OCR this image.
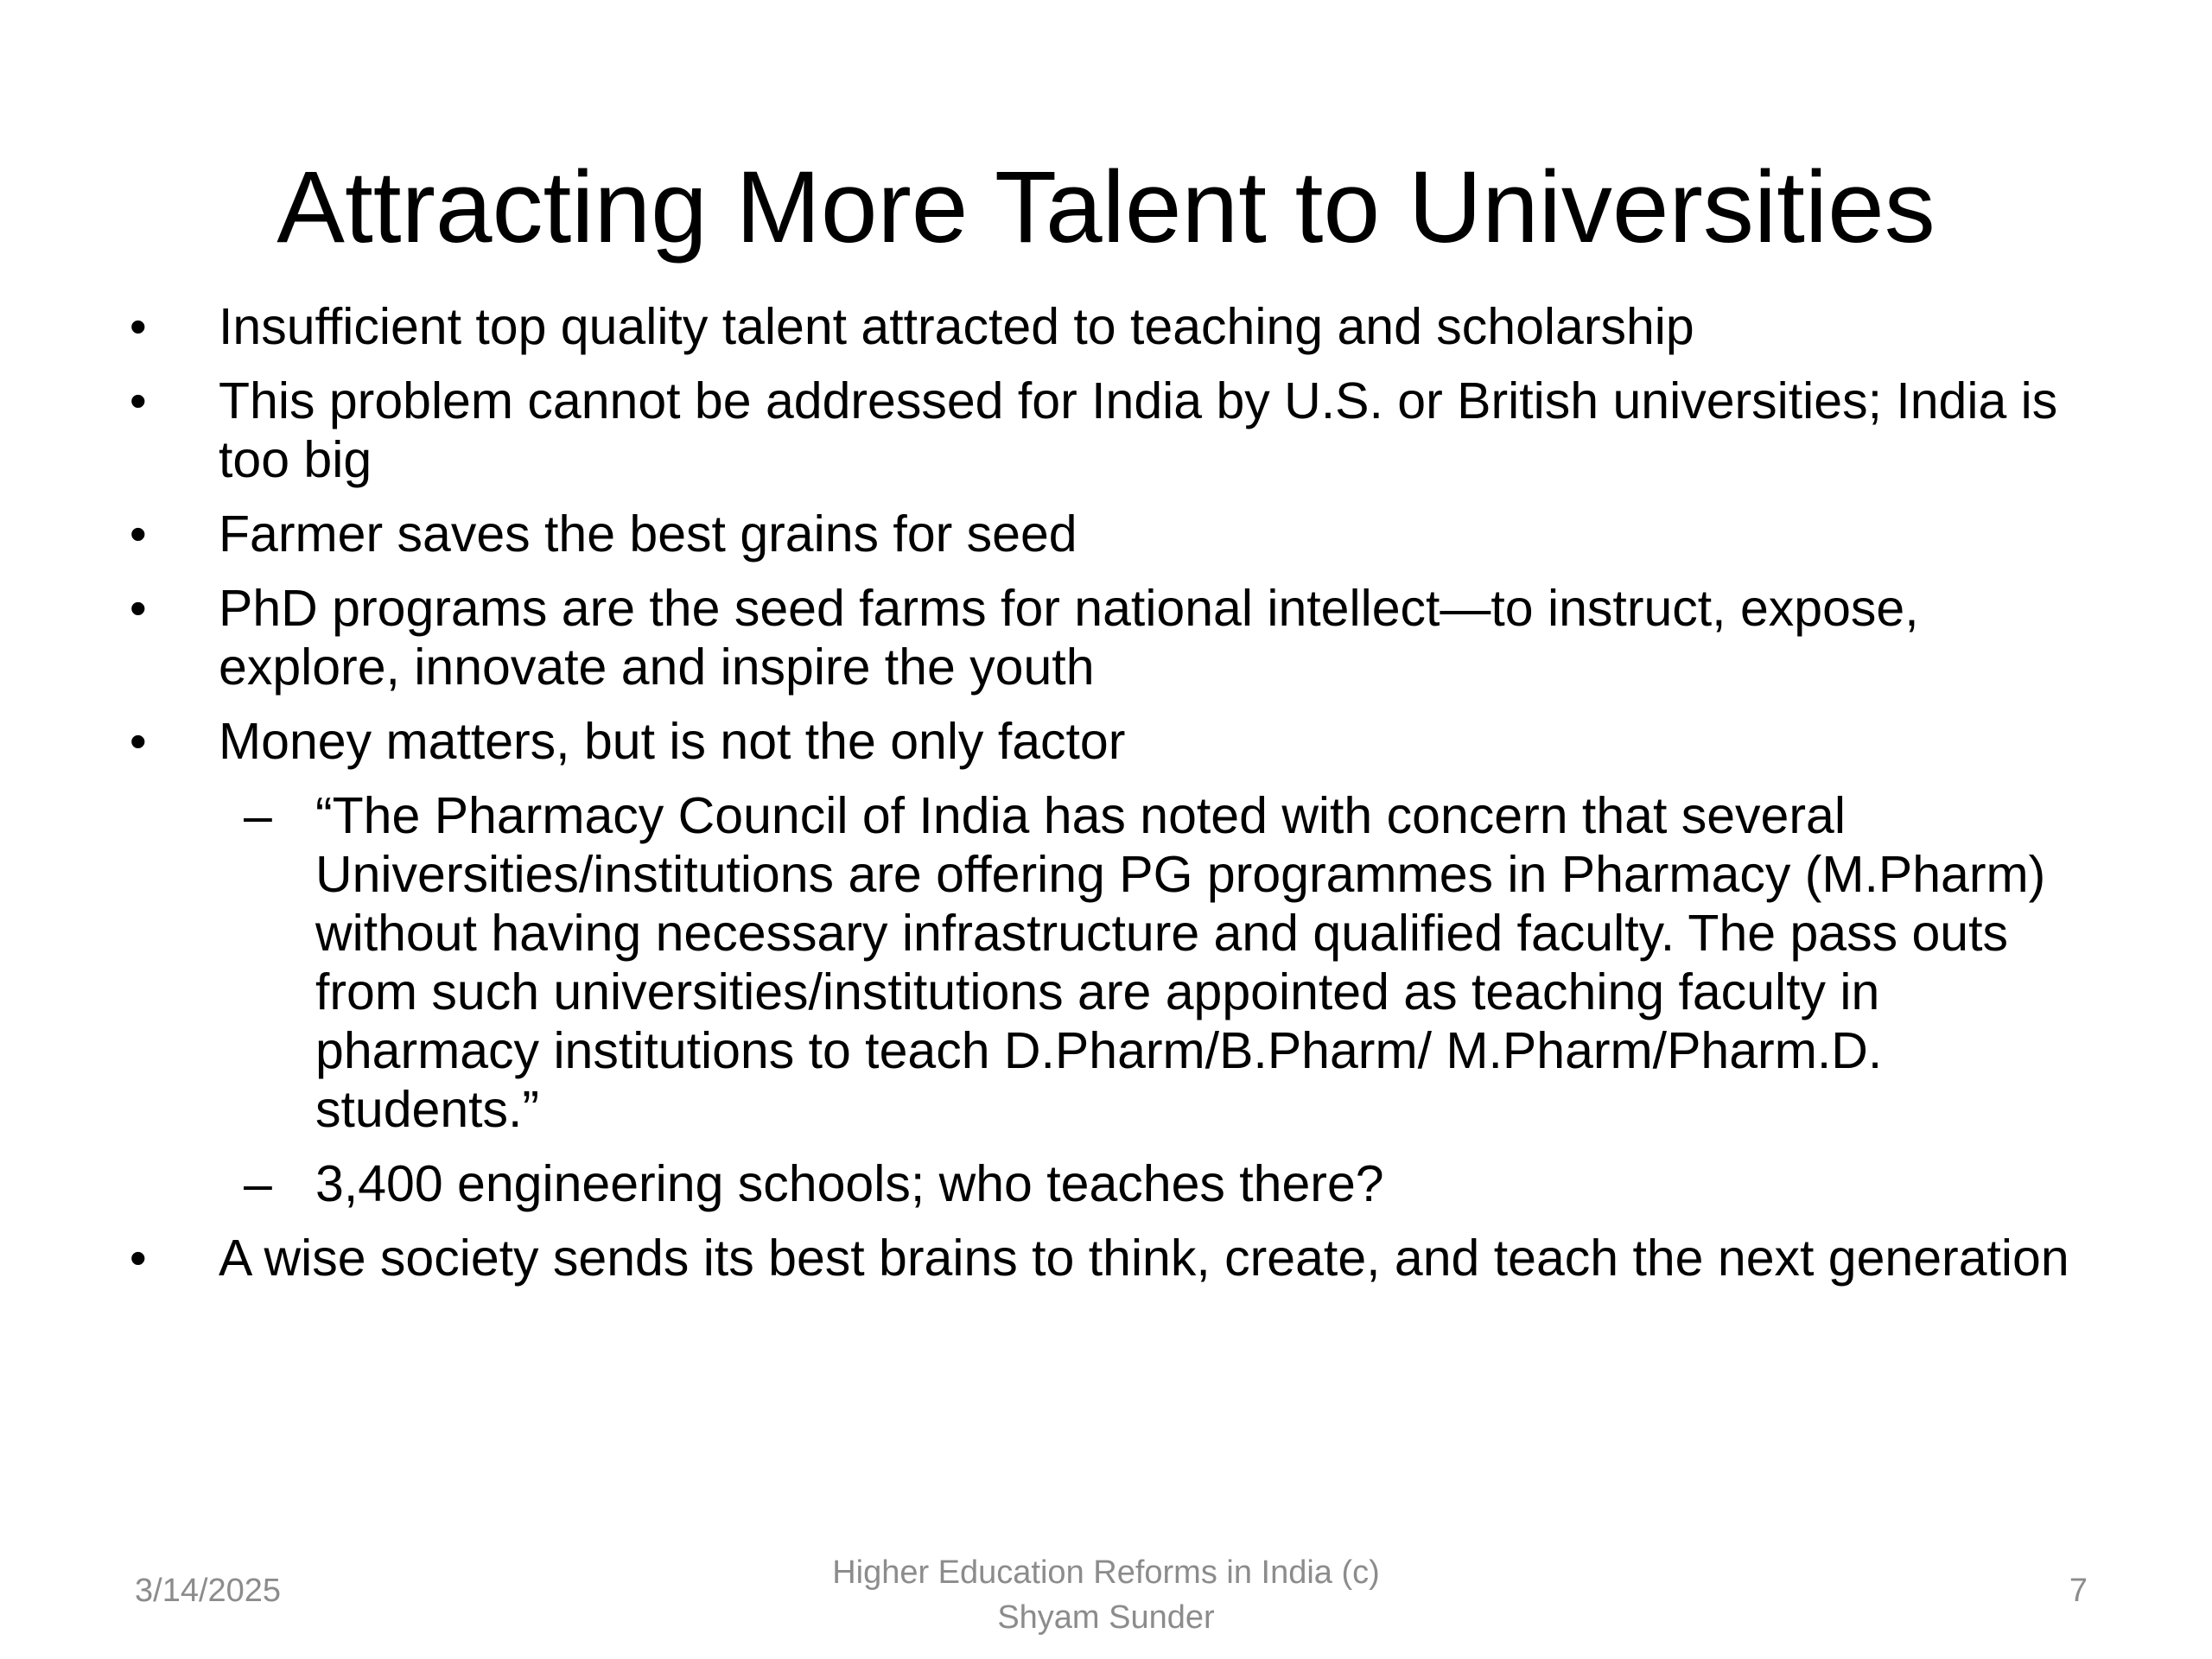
Attracting More Talent to Universities
•	Insufficient top quality talent attracted to teaching and scholarship
•	This problem cannot be addressed for India by U.S. or British universities; India is too big
•	Farmer saves the best grains for seed
•	PhD programs are the seed farms for national intellect—to instruct, expose, explore, innovate and inspire the youth
•	Money matters, but is not the only factor
– “The Pharmacy Council of India has noted with concern that several Universities/institutions are offering PG programmes in Pharmacy (M.Pharm) without having necessary infrastructure and qualified faculty. The pass outs from such universities/institutions are appointed as teaching faculty in pharmacy institutions to teach D.Pharm/B.Pharm/ M.Pharm/Pharm.D. students.”
– 3,400 engineering schools; who teaches there?
•	A wise society sends its best brains to think, create, and teach the next generation
3/14/2025	Higher Education Reforms in India (c)
Shyam Sunder
7
